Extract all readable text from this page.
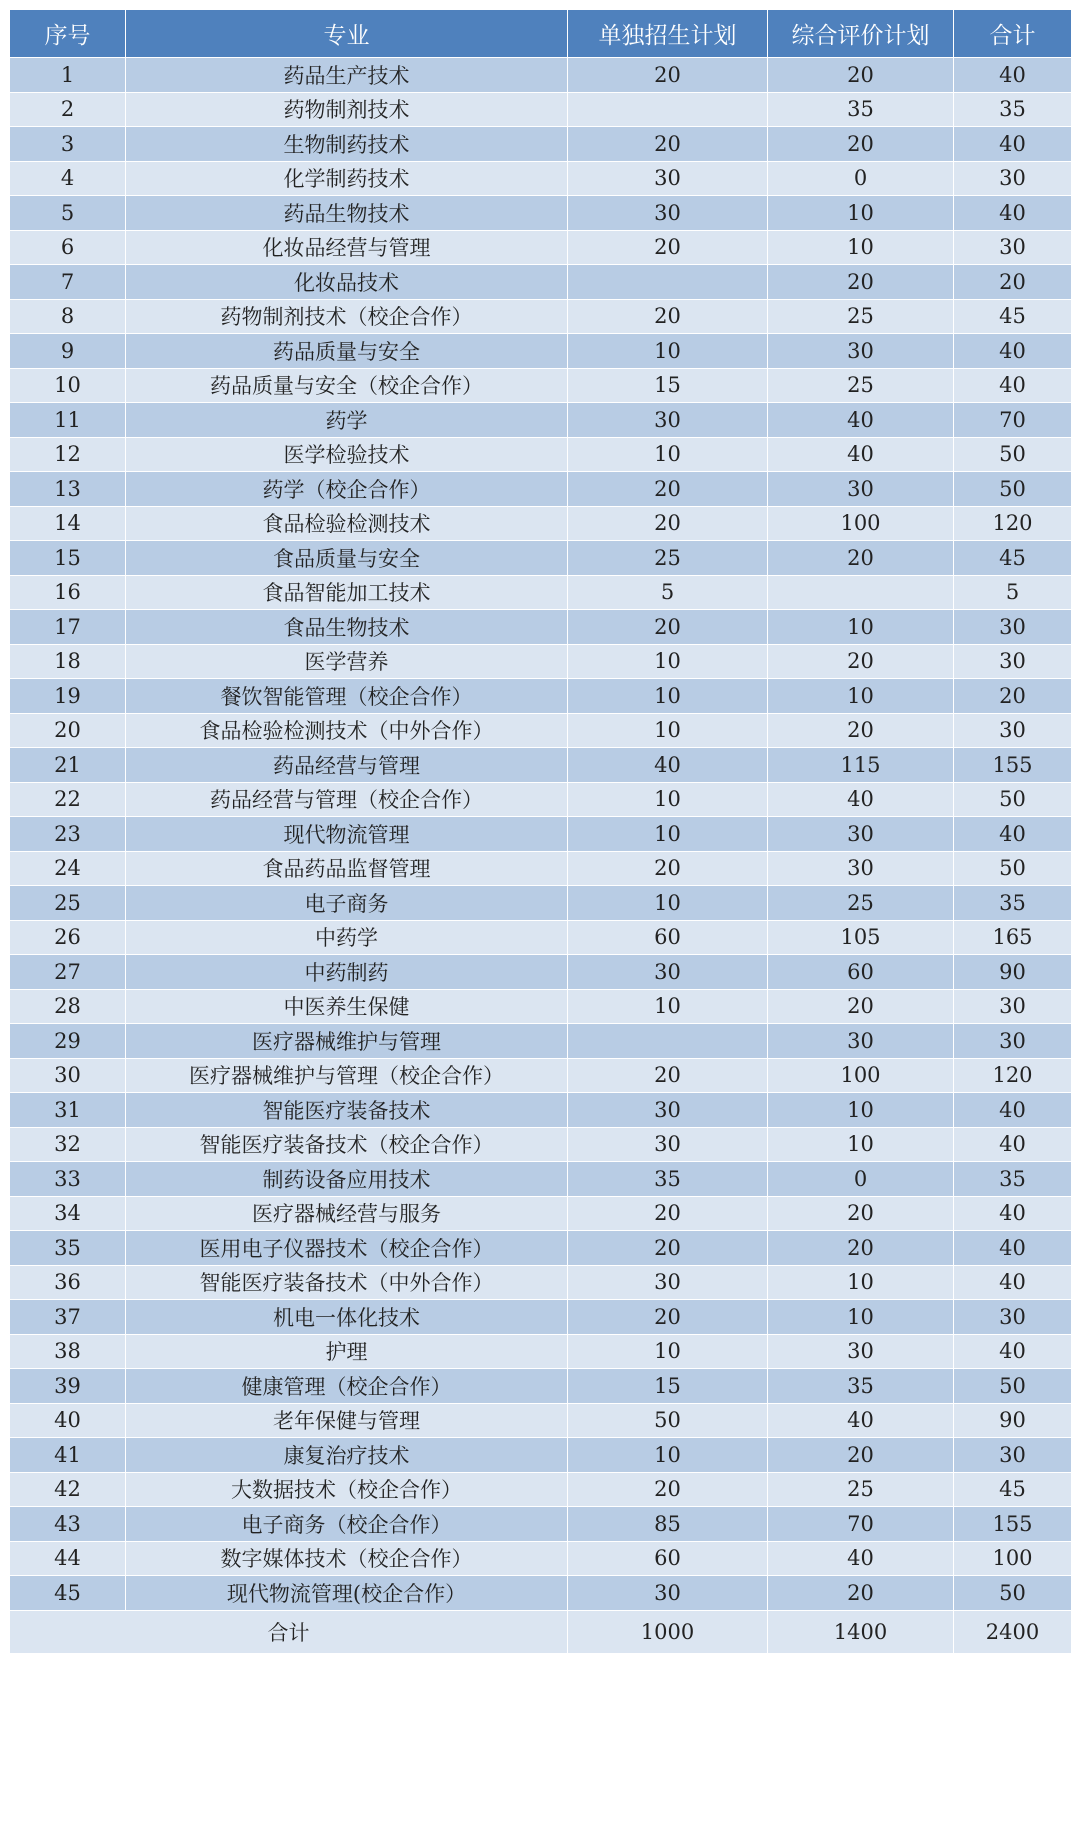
序号	专业	单独招生计划	综合评价计划	合计
1	药品生产技术	20	20	40
2	药物制剂技术		35	35
3	生物制药技术	20	20	40
4	化学制药技术	30	0	30
5	药品生物技术	30	10	40
6	化妆品经营与管理	20	10	30
7	化妆品技术		20	20
8	药物制剂技术（校企合作）	20	25	45
9	药品质量与安全	10	30	40
10	药品质量与安全（校企合作）	15	25	40
11	药学	30	40	70
12	医学检验技术	10	40	50
13	药学（校企合作）	20	30	50
14	食品检验检测技术	20	100	120
15	食品质量与安全	25	20	45
16	食品智能加工技术	5		5
17	食品生物技术	20	10	30
18	医学营养	10	20	30
19	餐饮智能管理（校企合作）	10	10	20
20	食品检验检测技术（中外合作）	10	20	30
21	药品经营与管理	40	115	155
22	药品经营与管理（校企合作）	10	40	50
23	现代物流管理	10	30	40
24	食品药品监督管理	20	30	50
25	电子商务	10	25	35
26	中药学	60	105	165
27	中药制药	30	60	90
28	中医养生保健	10	20	30
29	医疗器械维护与管理		30	30
30	医疗器械维护与管理（校企合作）	20	100	120
31	智能医疗装备技术	30	10	40
32	智能医疗装备技术（校企合作）	30	10	40
33	制药设备应用技术	35	0	35
34	医疗器械经营与服务	20	20	40
35	医用电子仪器技术（校企合作）	20	20	40
36	智能医疗装备技术（中外合作）	30	10	40
37	机电一体化技术	20	10	30
38	护理	10	30	40
39	健康管理（校企合作）	15	35	50
40	老年保健与管理	50	40	90
41	康复治疗技术	10	20	30
42	大数据技术（校企合作）	20	25	45
43	电子商务（校企合作）	85	70	155
44	数字媒体技术（校企合作）	60	40	100
45	现代物流管理(校企合作）	30	20	50
合计		1000	1400	2400
